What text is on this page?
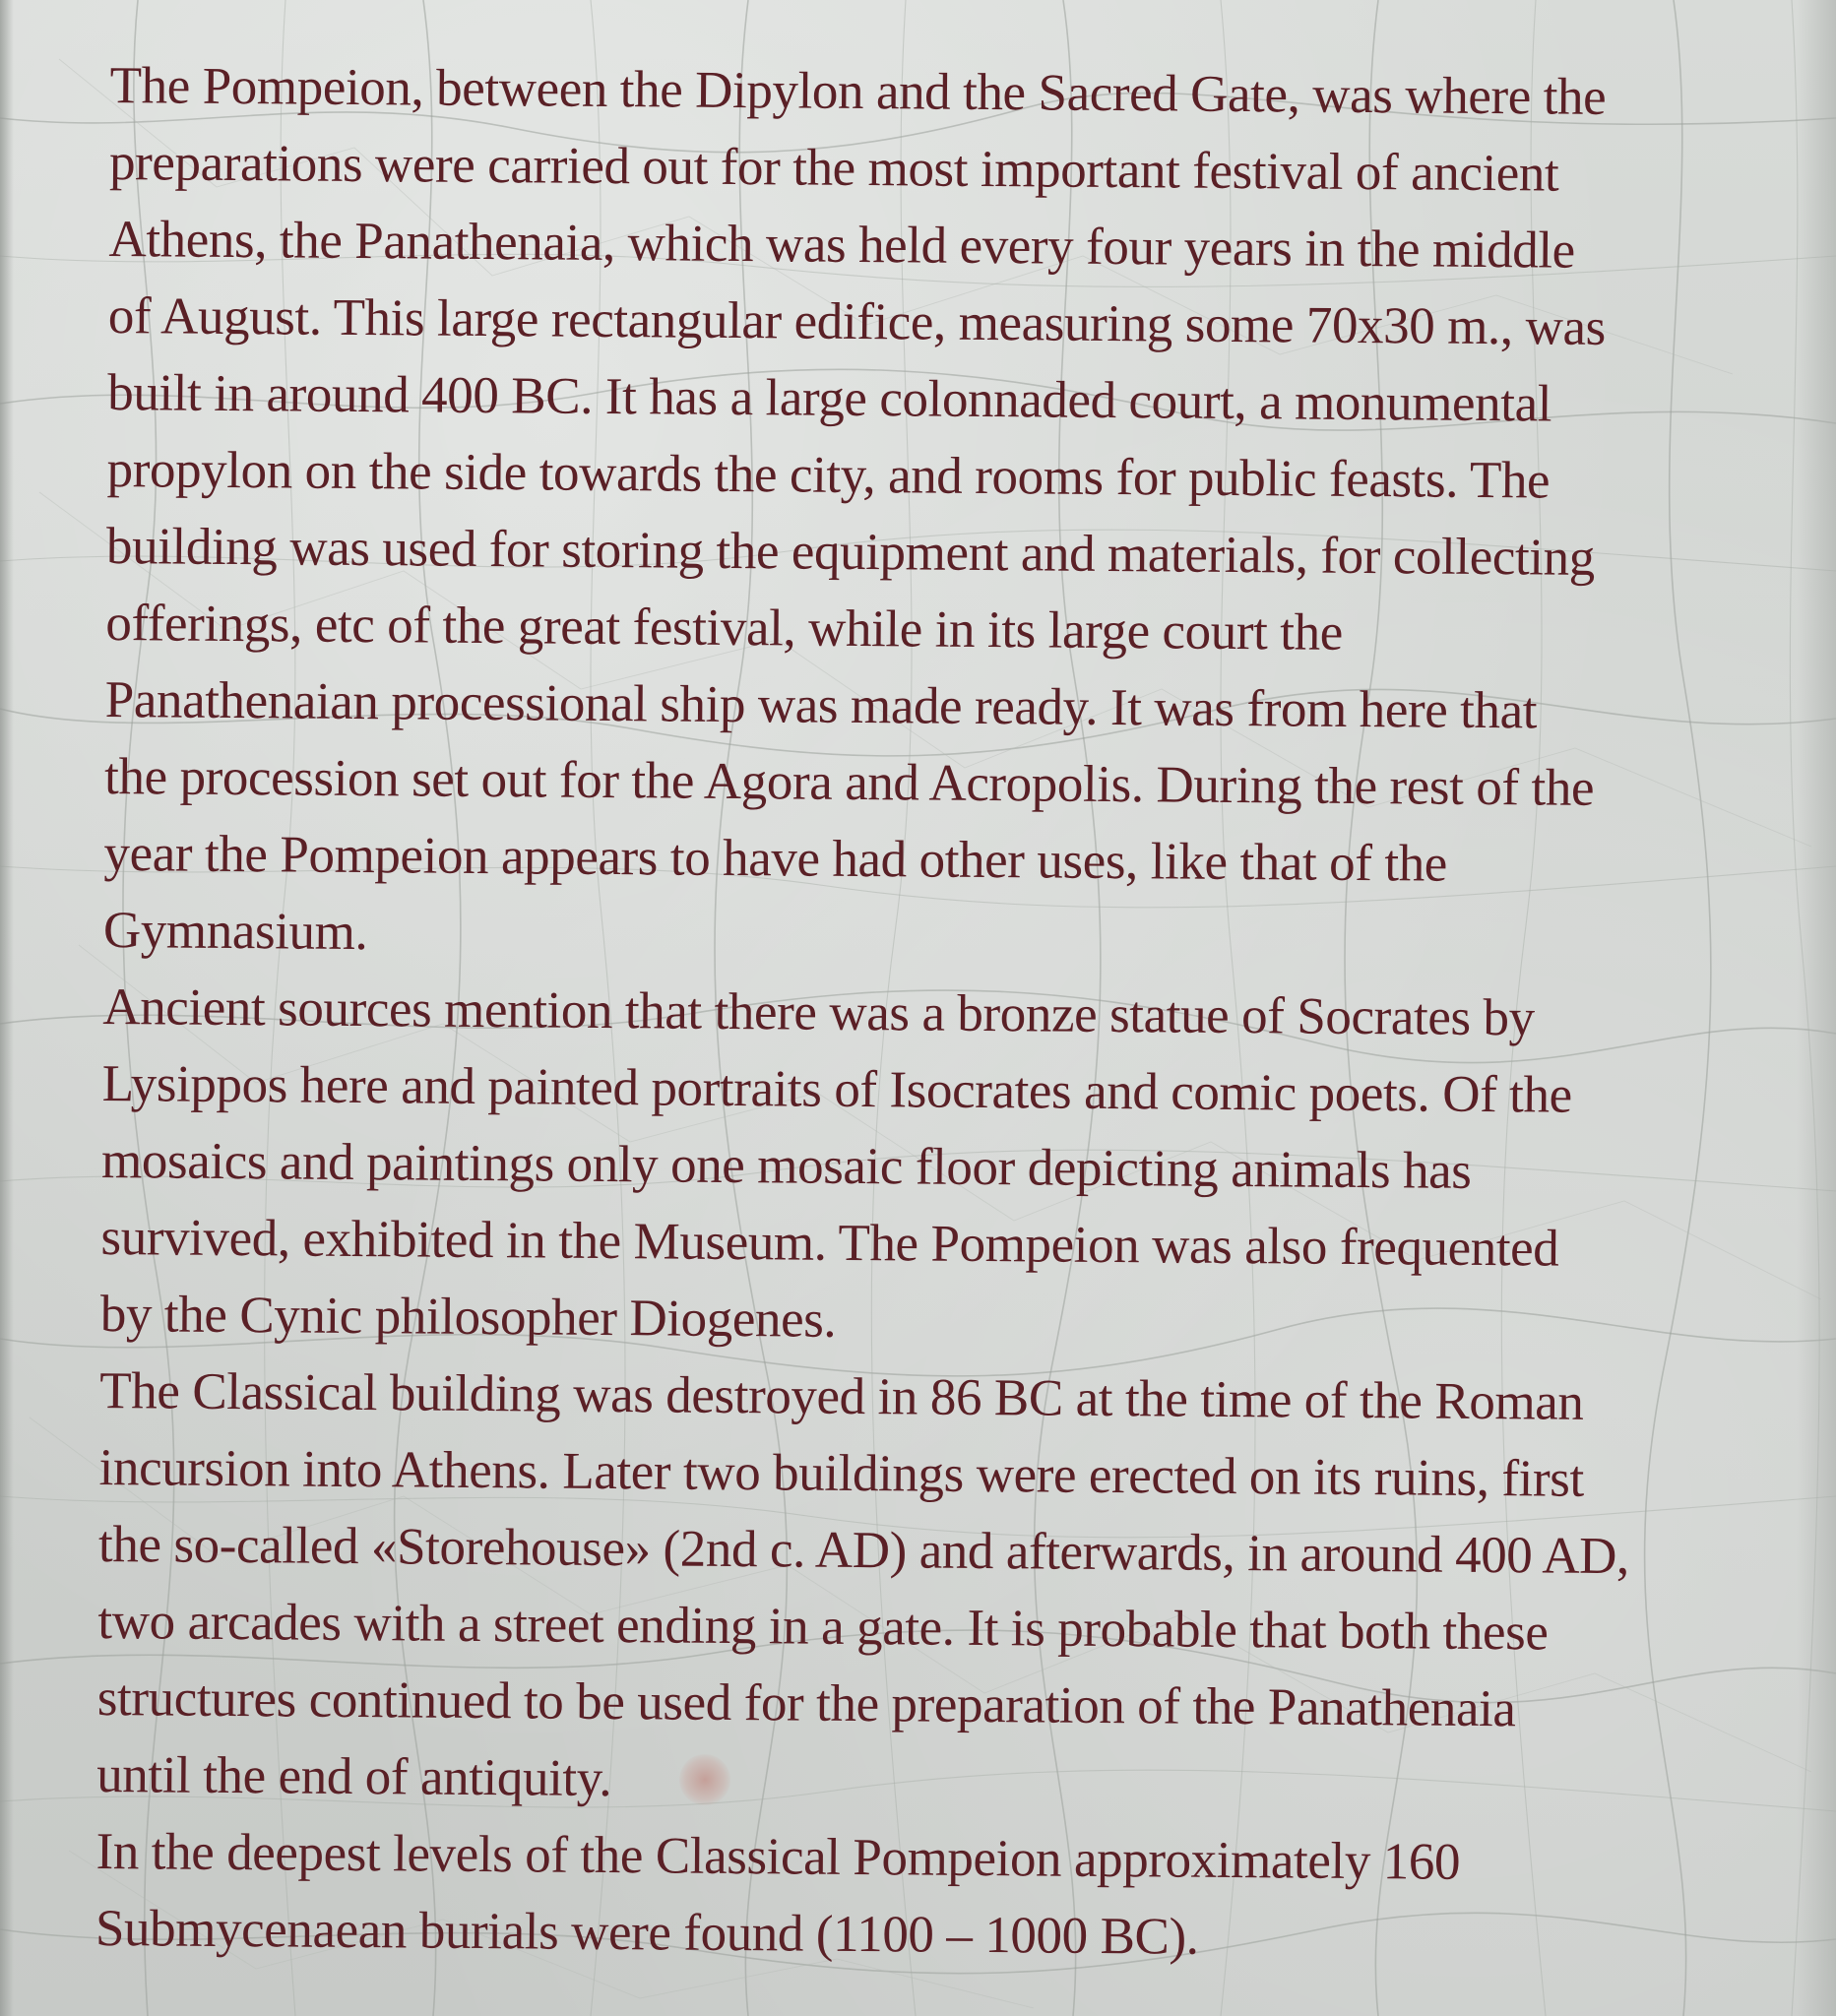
The Pompeion, between the Dipylon and the Sacred Gate, was where the
preparations were carried out for the most important festival of ancient
Athens, the Panathenaia, which was held every four years in the middle
of August. This large rectangular edifice, measuring some 70x30 m., was
built in around 400 BC. It has a large colonnaded court, a monumental
propylon on the side towards the city, and rooms for public feasts. The
building was used for storing the equipment and materials, for collecting
offerings, etc of the great festival, while in its large court the
Panathenaian processional ship was made ready. It was from here that
the procession set out for the Agora and Acropolis. During the rest of the
year the Pompeion appears to have had other uses, like that of the
Gymnasium.

Ancient sources mention that there was a bronze statue of Socrates by
Lysippos here and painted portraits of Isocrates and comic poets. Of the
mosaics and paintings only one mosaic floor depicting animals has
survived, exhibited in the Museum. The Pompeion was also frequented
by the Cynic philosopher Diogenes.

The Classical building was destroyed in 86 BC at the time of the Roman
incursion into Athens. Later two buildings were erected on its ruins, first
the so-called «Storehouse» (2nd c. AD) and afterwards, in around 400 AD,
two arcades with a street ending in a gate. It is probable that both these
structures continued to be used for the preparation of the Panathenaia
until the end of antiquity.

In the deepest levels of the Classical Pompeion approximately 160
Submycenaean burials were found (1100 – 1000 BC).
